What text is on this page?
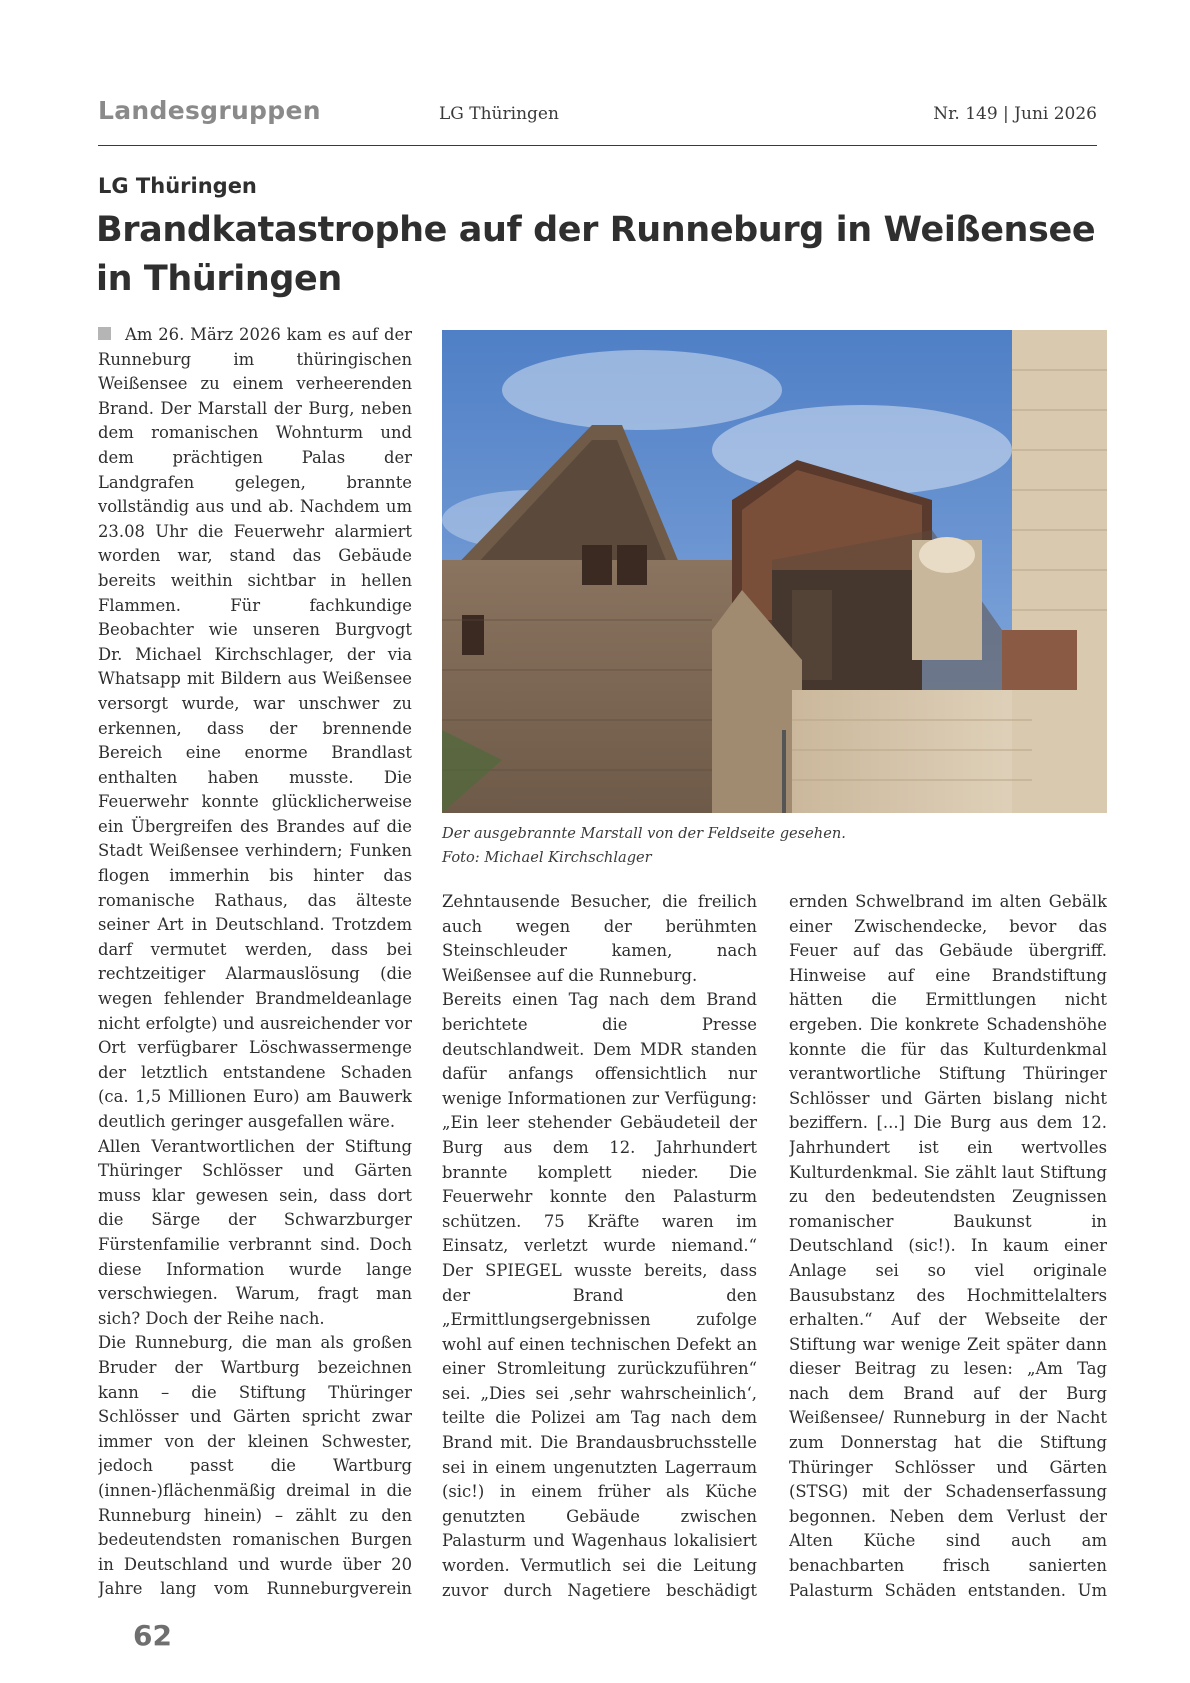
Landesgruppen	LG Thüringen	Nr. 149 | Juni 2026
LG Thüringen
Brandkatastrophe auf der Runneburg in Weißensee in Thüringen

Am 26. März 2026 kam es auf der Runneburg im thüringischen Weißensee zu einem verheerenden Brand. Der Marstall der Burg, neben dem romanischen Wohnturm und dem prächtigen Palas der Landgrafen gelegen, brannte vollständig aus und ab. Nachdem um 23.08 Uhr die Feuerwehr alarmiert worden war, stand das Gebäude bereits weithin sichtbar in hellen Flammen. Für fachkundige Beobachter wie unseren Burgvogt Dr. Michael Kirchschlager, der via Whatsapp mit Bildern aus Weißensee versorgt wurde, war unschwer zu erkennen, dass der brennende Bereich eine enorme Brandlast enthalten haben musste. Die Feuerwehr konnte glücklicherweise ein Übergreifen des Brandes auf die Stadt Weißensee verhindern; Funken flogen immerhin bis hinter das romanische Rathaus, das älteste seiner Art in Deutschland. Trotzdem darf vermutet werden, dass bei rechtzeitiger Alarmauslösung (die wegen fehlender Brandmeldeanlage nicht erfolgte) und ausreichender vor Ort verfügbarer Löschwassermenge der letztlich entstandene Schaden (ca. 1,5 Millionen Euro) am Bauwerk deutlich geringer ausgefallen wäre.

Allen Verantwortlichen der Stiftung Thüringer Schlösser und Gärten muss klar gewesen sein, dass dort die Särge der Schwarzburger Fürstenfamilie verbrannt sind. Doch diese Information wurde lange verschwiegen. Warum, fragt man sich? Doch der Reihe nach.

Die Runneburg, die man als großen Bruder der Wartburg bezeichnen kann – die Stiftung Thüringer Schlösser und Gärten spricht zwar immer von der kleinen Schwester, jedoch passt die Wartburg (innen-)flächenmäßig dreimal in die Runneburg hinein) – zählt zu den bedeutendsten romanischen Burgen in Deutschland und wurde über 20 Jahre lang vom Runneburgverein

Der ausgebrannte Marstall von der Feldseite gesehen.
Foto: Michael Kirchschlager

Zehntausende Besucher, die freilich auch wegen der berühmten Steinschleuder kamen, nach Weißensee auf die Runneburg.

Bereits einen Tag nach dem Brand berichtete die Presse deutschlandweit. Dem MDR standen dafür anfangs offensichtlich nur wenige Informationen zur Verfügung: „Ein leer stehender Gebäudeteil der Burg aus dem 12. Jahrhundert brannte komplett nieder. Die Feuerwehr konnte den Palasturm schützen. 75 Kräfte waren im Einsatz, verletzt wurde niemand.“ Der SPIEGEL wusste bereits, dass der Brand den „Ermittlungsergebnissen zufolge wohl auf einen technischen Defekt an einer Stromleitung zurückzuführen“ sei. „Dies sei ‚sehr wahrscheinlich‘, teilte die Polizei am Tag nach dem Brand mit. Die Brandausbruchsstelle sei in einem ungenutzten Lagerraum (sic!) in einem früher als Küche genutzten Gebäude zwischen Palasturm und Wagenhaus lokalisiert worden. Vermutlich sei die Leitung zuvor durch Nagetiere beschädigt

ernden Schwelbrand im alten Gebälk einer Zwischendecke, bevor das Feuer auf das Gebäude übergriff. Hinweise auf eine Brandstiftung hätten die Ermittlungen nicht ergeben. Die konkrete Schadenshöhe konnte die für das Kulturdenkmal verantwortliche Stiftung Thüringer Schlösser und Gärten bislang nicht beziffern. [...] Die Burg aus dem 12. Jahrhundert ist ein wertvolles Kulturdenkmal. Sie zählt laut Stiftung zu den bedeutendsten Zeugnissen romanischer Baukunst in Deutschland (sic!). In kaum einer Anlage sei so viel originale Bausubstanz des Hochmittelalters erhalten.“ Auf der Webseite der Stiftung war wenige Zeit später dann dieser Beitrag zu lesen: „Am Tag nach dem Brand auf der Burg Weißensee/ Runneburg in der Nacht zum Donnerstag hat die Stiftung Thüringer Schlösser und Gärten (STSG) mit der Schadenserfassung begonnen. Neben dem Verlust der Alten Küche sind auch am benachbarten frisch sanierten Palasturm Schäden entstanden. Um

62
